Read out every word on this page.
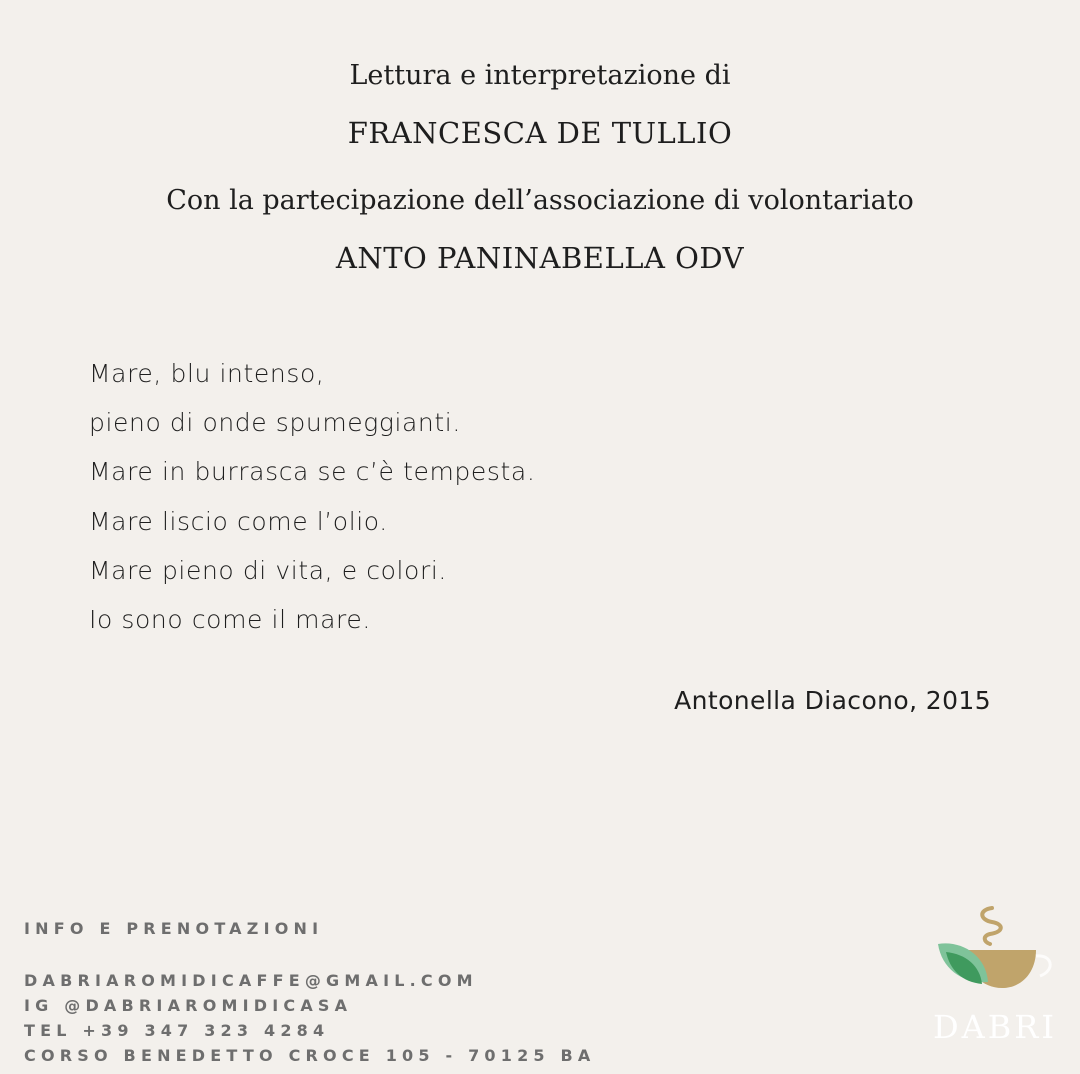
Lettura e interpretazione di
FRANCESCA DE TULLIO
Con la partecipazione dell’associazione di volontariato
ANTO PANINABELLA ODV
Mare, blu intenso,
pieno di onde spumeggianti.
Mare in burrasca se c’è tempesta.
Mare liscio come l’olio.
Mare pieno di vita, e colori.
Io sono come il mare.
Antonella Diacono, 2015
INFO E PRENOTAZIONI
DABRIAROMIDICAFFE@GMAIL.COM
IG @DABRIAROMIDICASA
TEL +39 347 323 4284
CORSO BENEDETTO CROCE 105 - 70125 BA
DABRI
